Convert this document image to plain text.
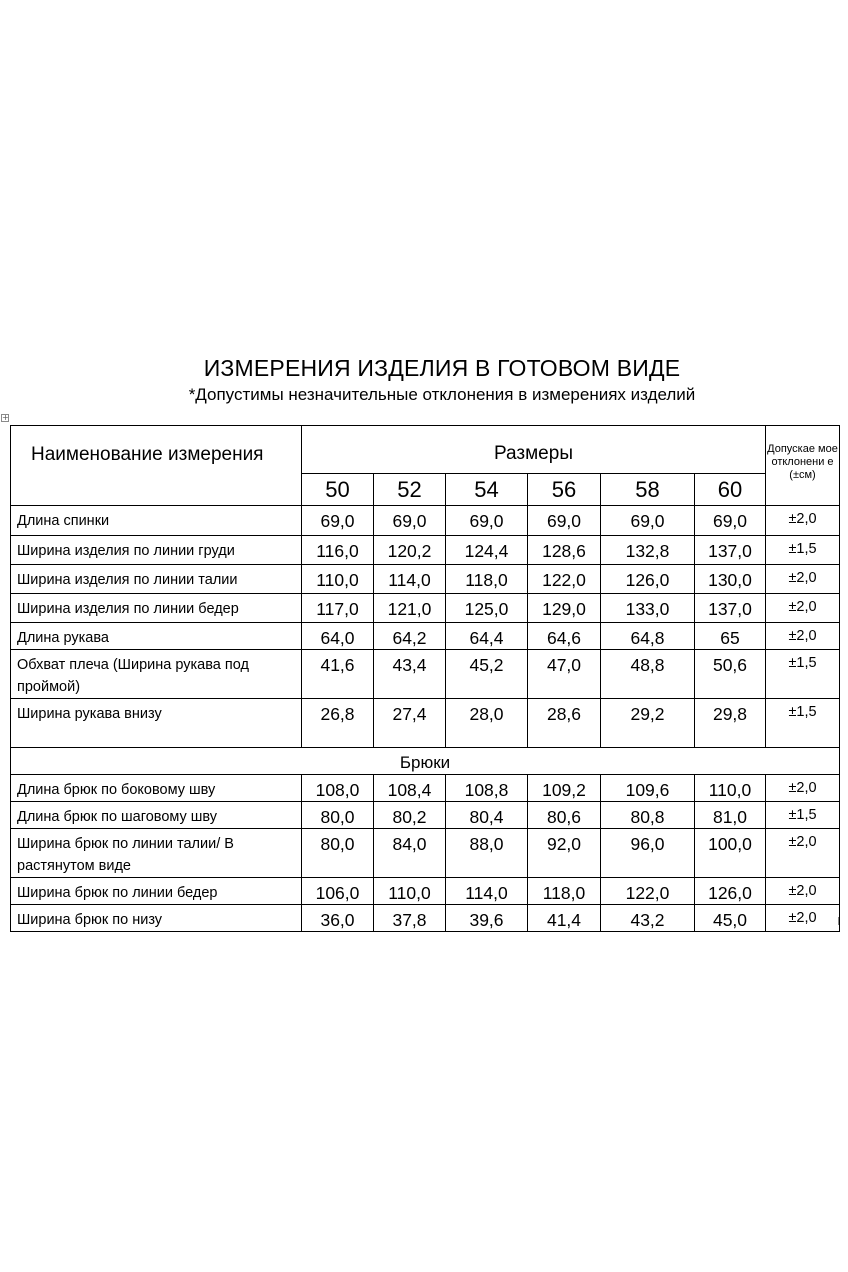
ИЗМЕРЕНИЯ ИЗДЕЛИЯ В ГОТОВОМ ВИДЕ
*Допустимы незначительные отклонения в измерениях изделий
+
Наименование измерения	Размеры						Допускае мое отклонени е (±см)
	50	52	54	56	58	60	
Длина спинки	69,0	69,0	69,0	69,0	69,0	69,0	±2,0
Ширина изделия по линии груди	116,0	120,2	124,4	128,6	132,8	137,0	±1,5
Ширина изделия по линии талии	110,0	114,0	118,0	122,0	126,0	130,0	±2,0
Ширина изделия по линии бедер	117,0	121,0	125,0	129,0	133,0	137,0	±2,0
Длина рукава	64,0	64,2	64,4	64,6	64,8	65	±2,0
Обхват плеча (Ширина рукава под проймой)	41,6	43,4	45,2	47,0	48,8	50,6	±1,5
Ширина рукава внизу	26,8	27,4	28,0	28,6	29,2	29,8	±1,5
Брюки							
Длина брюк по боковому шву	108,0	108,4	108,8	109,2	109,6	110,0	±2,0
Длина брюк по шаговому шву	80,0	80,2	80,4	80,6	80,8	81,0	±1,5
Ширина брюк по линии талии/ В растянутом виде	80,0	84,0	88,0	92,0	96,0	100,0	±2,0
Ширина брюк по линии бедер	106,0	110,0	114,0	118,0	122,0	126,0	±2,0
Ширина брюк по низу	36,0	37,8	39,6	41,4	43,2	45,0	±2,0
